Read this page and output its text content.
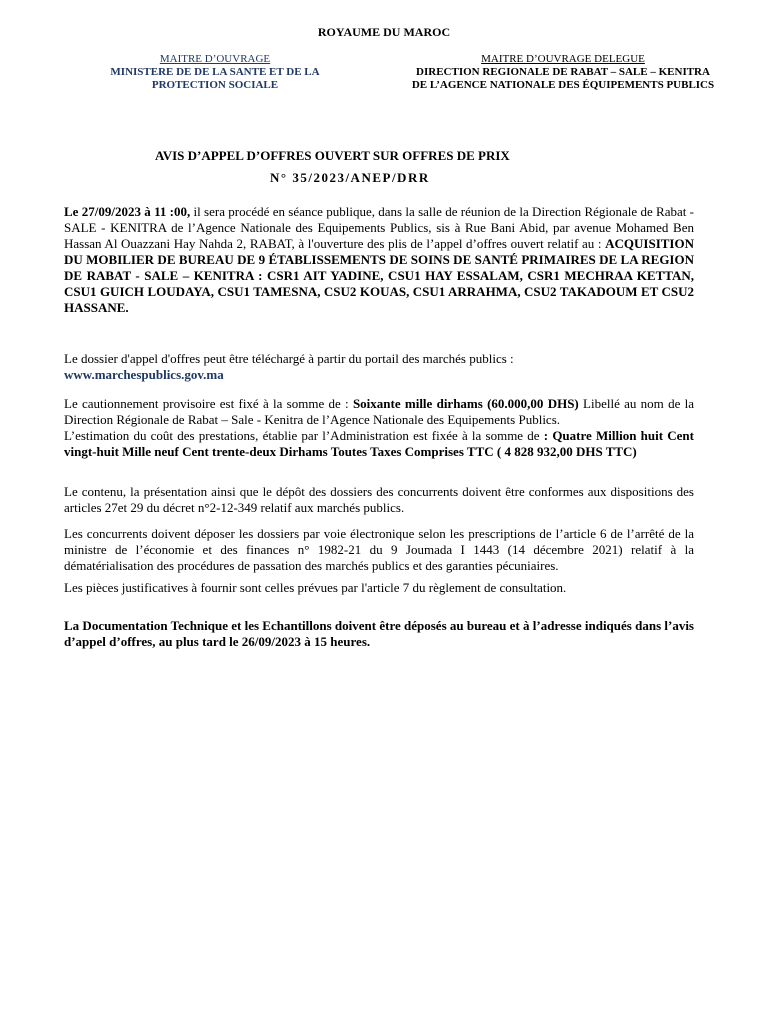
ROYAUME DU MAROC
MAITRE D’OUVRAGE
MINISTERE DE DE LA SANTE ET DE LA
PROTECTION SOCIALE
MAITRE D’OUVRAGE DELEGUE
DIRECTION REGIONALE DE RABAT – SALE – KENITRA
DE L’AGENCE NATIONALE DES ÉQUIPEMENTS PUBLICS
AVIS D’APPEL D’OFFRES OUVERT SUR OFFRES DE PRIX
N° 35/2023/ANEP/DRR

Le 27/09/2023 à 11 :00, il sera procédé en séance publique, dans la salle de réunion de la Direction Régionale de Rabat - SALE - KENITRA de l’Agence Nationale des Equipements Publics, sis à Rue Bani Abid, par avenue Mohamed Ben Hassan Al Ouazzani Hay Nahda 2, RABAT, à l'ouverture des plis de l’appel d’offres ouvert relatif au : ACQUISITION DU MOBILIER DE BUREAU DE 9 ÉTABLISSEMENTS DE SOINS DE SANTÉ PRIMAIRES DE LA REGION DE RABAT - SALE – KENITRA : CSR1 AIT YADINE, CSU1 HAY ESSALAM, CSR1 MECHRAA KETTAN, CSU1 GUICH LOUDAYA, CSU1 TAMESNA, CSU2 KOUAS, CSU1 ARRAHMA, CSU2 TAKADOUM ET CSU2 HASSANE.

Le dossier d'appel d'offres peut être téléchargé à partir du portail des marchés publics :

www.marchespublics.gov.ma

Le cautionnement provisoire est fixé à la somme de : Soixante mille dirhams (60.000,00 DHS) Libellé au nom de la Direction Régionale de Rabat – Sale - Kenitra de l’Agence Nationale des Equipements Publics.

L’estimation du coût des prestations, établie par l’Administration est fixée à la somme de : Quatre Million huit Cent vingt-huit Mille neuf Cent trente-deux Dirhams Toutes Taxes Comprises TTC ( 4 828 932,00 DHS TTC)

Le contenu, la présentation ainsi que le dépôt des dossiers des concurrents doivent être conformes aux dispositions des articles 27et 29 du décret n°2-12-349 relatif aux marchés publics.

Les concurrents doivent déposer les dossiers par voie électronique selon les prescriptions de l’article 6 de l’arrêté de la ministre de l’économie et des finances n° 1982-21 du 9 Joumada I 1443 (14 décembre 2021) relatif à la dématérialisation des procédures de passation des marchés publics et des garanties pécuniaires.

Les pièces justificatives à fournir sont celles prévues par l'article 7 du règlement de consultation.

La Documentation Technique et les Echantillons doivent être déposés au bureau et à l’adresse indiqués dans l’avis d’appel d’offres, au plus tard le 26/09/2023 à 15 heures.
